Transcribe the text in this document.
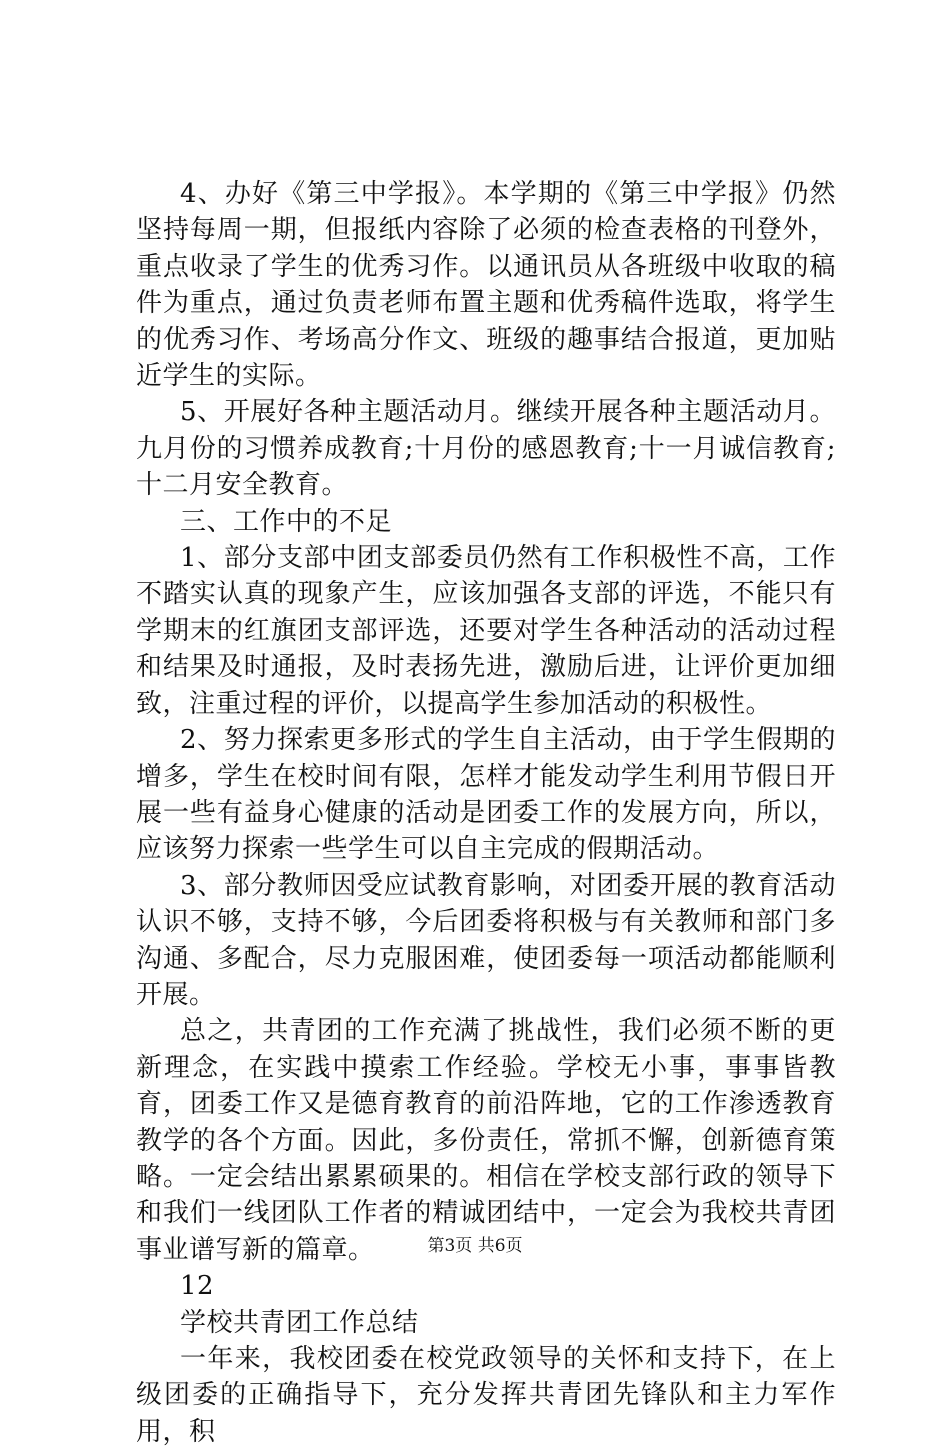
4、办好《第三中学报》。本学期的《第三中学报》仍然坚持每周一期，但报纸内容除了必须的检查表格的刊登外，重点收录了学生的优秀习作。以通讯员从各班级中收取的稿件为重点，通过负责老师布置主题和优秀稿件选取，将学生的优秀习作、考场高分作文、班级的趣事结合报道，更加贴近学生的实际。

5、开展好各种主题活动月。继续开展各种主题活动月。九月份的习惯养成教育;十月份的感恩教育;十一月诚信教育;十二月安全教育。

三、工作中的不足

1、部分支部中团支部委员仍然有工作积极性不高，工作不踏实认真的现象产生，应该加强各支部的评选，不能只有学期末的红旗团支部评选，还要对学生各种活动的活动过程和结果及时通报，及时表扬先进，激励后进，让评价更加细致，注重过程的评价，以提高学生参加活动的积极性。

2、努力探索更多形式的学生自主活动，由于学生假期的增多，学生在校时间有限，怎样才能发动学生利用节假日开展一些有益身心健康的活动是团委工作的发展方向，所以，应该努力探索一些学生可以自主完成的假期活动。

3、部分教师因受应试教育影响，对团委开展的教育活动认识不够，支持不够，今后团委将积极与有关教师和部门多沟通、多配合，尽力克服困难，使团委每一项活动都能顺利开展。

总之，共青团的工作充满了挑战性，我们必须不断的更新理念，在实践中摸索工作经验。学校无小事，事事皆教育，团委工作又是德育教育的前沿阵地，它的工作渗透教育教学的各个方面。因此，多份责任，常抓不懈，创新德育策略。一定会结出累累硕果的。相信在学校支部行政的领导下和我们一线团队工作者的精诚团结中，一定会为我校共青团事业谱写新的篇章。

12

学校共青团工作总结

一年来，我校团委在校党政领导的关怀和支持下，在上级团委的正确指导下，充分发挥共青团先锋队和主力军作用，积

第3页 共6页
